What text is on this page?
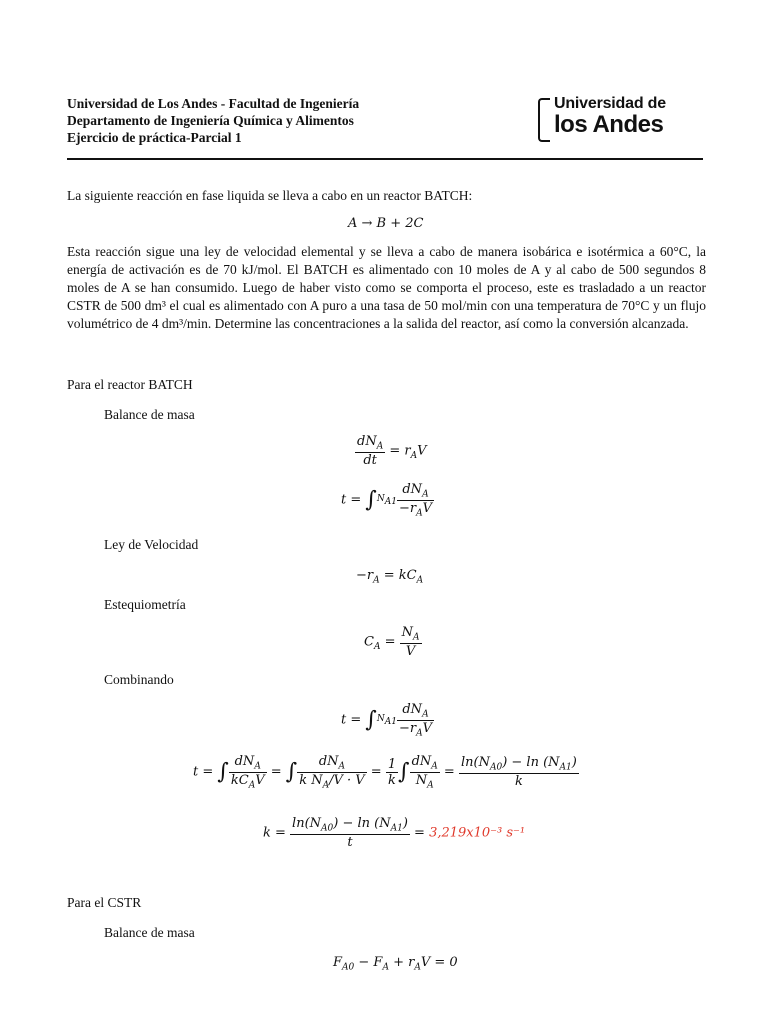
Universidad de Los Andes - Facultad de Ingeniería
Departamento de Ingeniería Química y Alimentos
Ejercicio de práctica-Parcial 1
Universidad de
los Andes
La siguiente reacción en fase liquida se lleva a cabo en un reactor BATCH:
A → B + 2C
Esta reacción sigue una ley de velocidad elemental y se lleva a cabo de manera isobárica e isotérmica a 60°C, la energía de activación es de 70 kJ/mol. El BATCH es alimentado con 10 moles de A y al cabo de 500 segundos 8 moles de A se han consumido. Luego de haber visto como se comporta el proceso, este es trasladado a un reactor CSTR de 500 dm³ el cual es alimentado con A puro a una tasa de 50 mol/min con una temperatura de 70°C y un flujo volumétrico de 4 dm³/min. Determine las concentraciones a la salida del reactor, así como la conversión alcanzada.
Para el reactor BATCH
Balance de masa
$\frac{dN_A}{dt} = r_AV$
$t = \int N_{A1} \frac{dN_A}{-r_AV}$
Ley de Velocidad
$-r_A = kC_A$
Estequiometría
$C_A = \frac{N_A}{V}$
Combinando
$t = \int N_{A1} \frac{dN_A}{-r_AV}$
t = ∫ $\frac{dN_A}{kC_AV}$ = ∫ $\frac{dN_A}{k N_A/V \cdot V} = \frac{1}{k}$ ∫ $\frac{dN_A}{N_A} = \frac{\ln(N_{A0}) - \ln (N_{A1})}{k}$
$k = \frac{\ln(N_{A0}) - \ln (N_{A1})}{t} = 3,219x10^{-3}$ s⁻¹
Para el CSTR
Balance de masa
$F_{A0} - F_A + r_AV = 0$
